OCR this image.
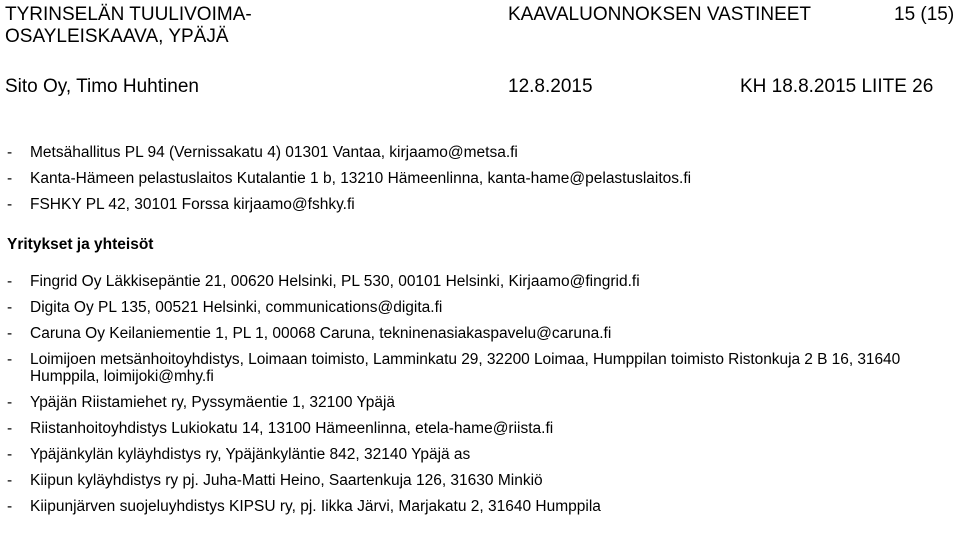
TYRINSELÄN TUULIVOIMA-
OSAYLEISKAAVA, YPÄJÄ
KAAVALUONNOKSEN VASTINEET	15 (15)
Sito Oy, Timo Huhtinen	12.8.2015	KH 18.8.2015 LIITE 26
- Metsähallitus PL 94 (Vernissakatu 4) 01301 Vantaa, kirjaamo@metsa.fi
- Kanta-Hämeen pelastuslaitos Kutalantie 1 b, 13210 Hämeenlinna, kanta-hame@pelastuslaitos.fi
- FSHKY PL 42, 30101 Forssa kirjaamo@fshky.fi
Yritykset ja yhteisöt
- Fingrid Oy Läkkisepäntie 21, 00620 Helsinki, PL 530, 00101 Helsinki, Kirjaamo@fingrid.fi
- Digita Oy PL 135, 00521 Helsinki, communications@digita.fi
- Caruna Oy Keilaniementie 1, PL 1, 00068 Caruna, tekninenasiakaspavelu@caruna.fi
- Loimijoen metsänhoitoyhdistys, Loimaan toimisto, Lamminkatu 29, 32200 Loimaa, Humppilan toimisto Ristonkuja 2 B 16, 31640 Humppila, loimijoki@mhy.fi
- Ypäjän Riistamiehet ry, Pyssymäentie 1, 32100 Ypäjä
- Riistanhoitoyhdistys Lukiokatu 14, 13100 Hämeenlinna, etela-hame@riista.fi
- Ypäjänkylän kyläyhdistys ry, Ypäjänkyläntie 842, 32140 Ypäjä as
- Kiipun kyläyhdistys ry pj. Juha-Matti Heino, Saartenkuja 126, 31630 Minkiö
- Kiipunjärven suojeluyhdistys KIPSU ry, pj. Iikka Järvi, Marjakatu 2, 31640 Humppila
